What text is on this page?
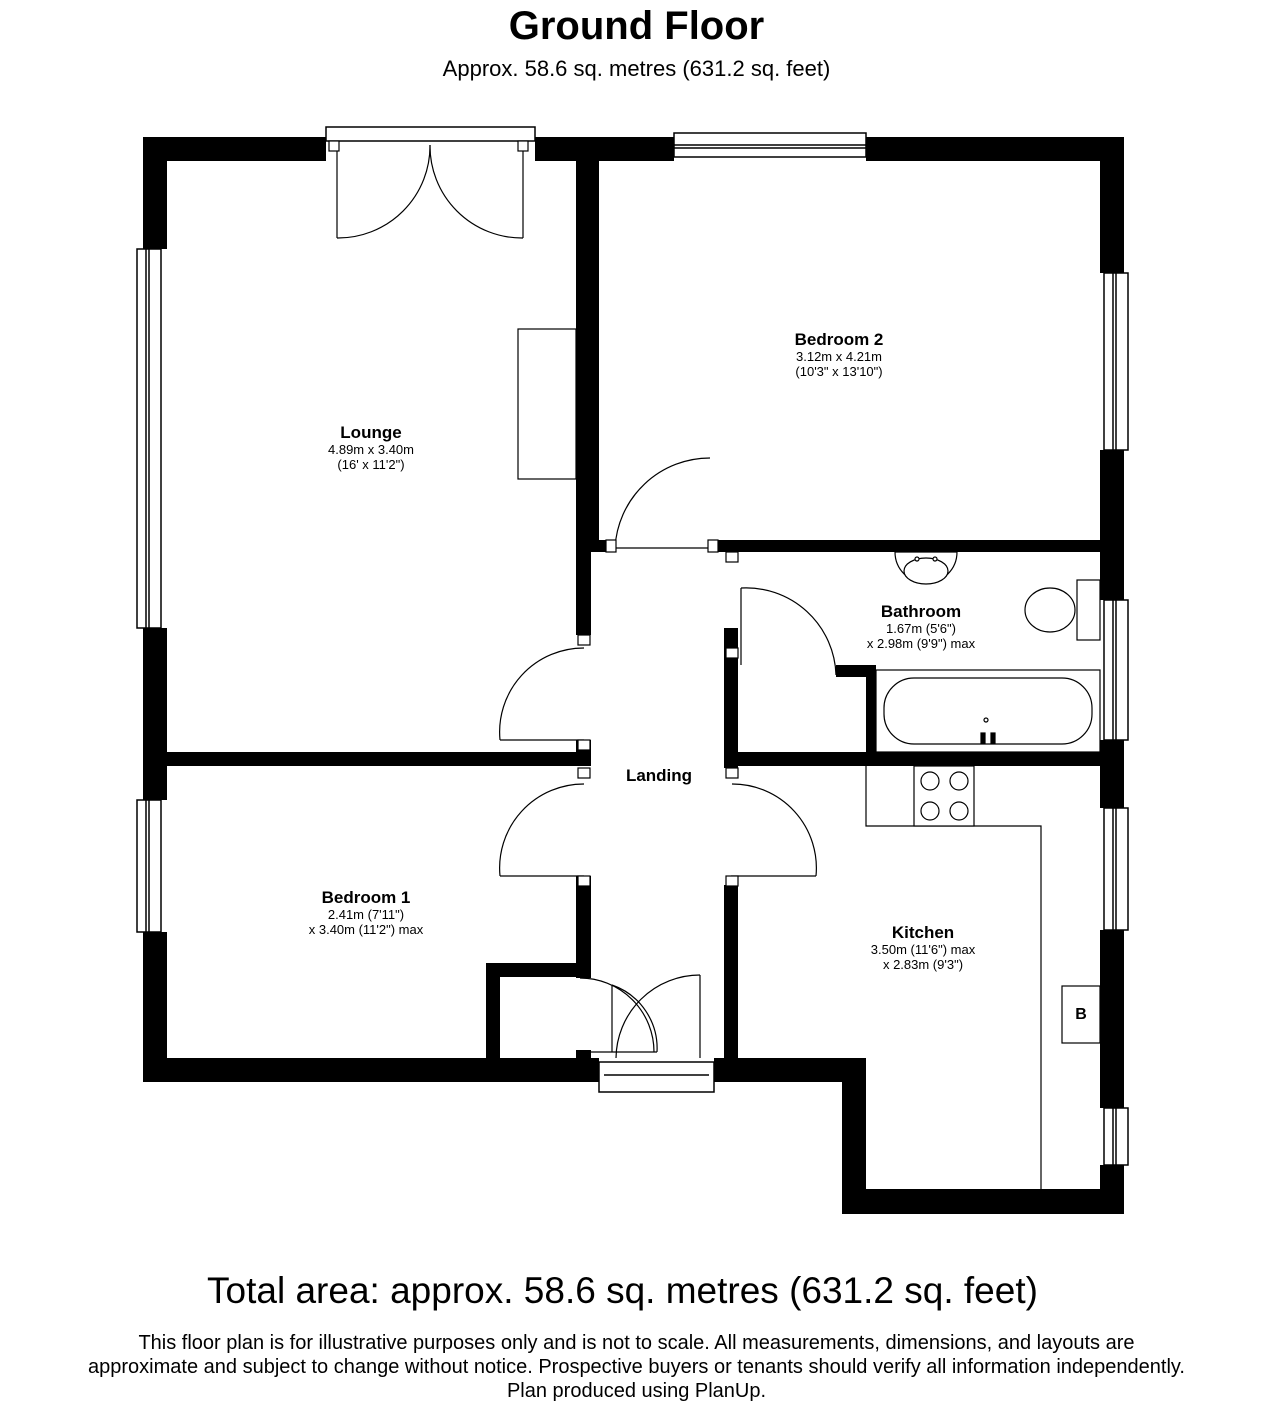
Ground Floor
Approx. 58.6 sq. metres (631.2 sq. feet)
Lounge
4.89m x 3.40m
(16' x 11'2")
Bedroom 2
3.12m x 4.21m
(10'3" x 13'10")
Bathroom
1.67m (5'6")
x 2.98m (9'9") max
Landing
Bedroom 1
2.41m (7'11")
x 3.40m (11'2") max	Kitchen
3.50m (11'6") max
x 2.83m (9'3")
B
Total area: approx. 58.6 sq. metres (631.2 sq. feet)
This floor plan is for illustrative purposes only and is not to scale. All measurements, dimensions, and layouts are
approximate and subject to change without notice. Prospective buyers or tenants should verify all information independently.
Plan produced using PlanUp.
